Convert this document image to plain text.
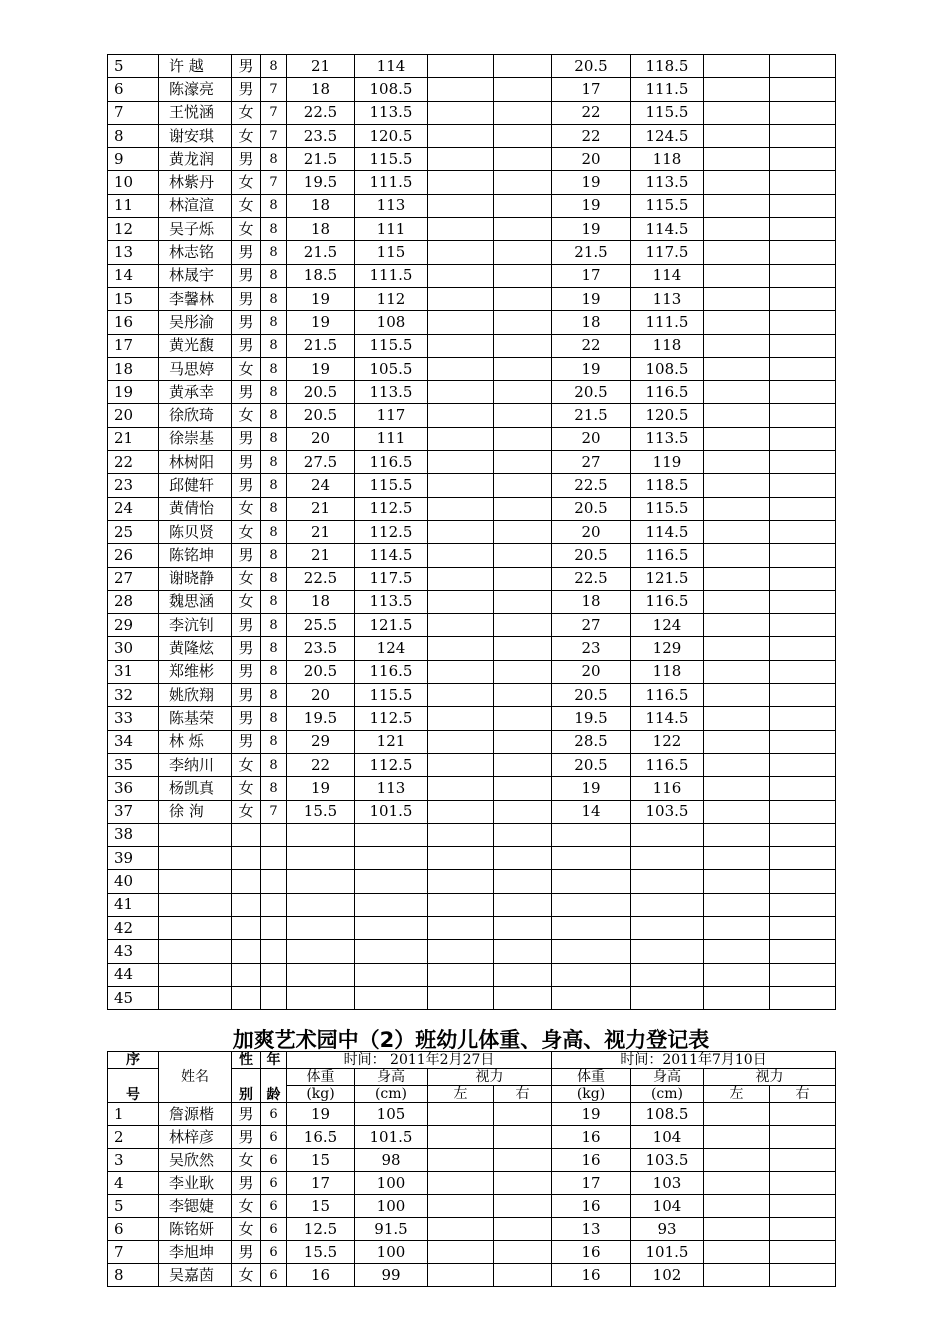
5	许 越	男	8	21	114			20.5	118.5		
6	陈濠亮	男	7	18	108.5			17	111.5		
7	王悦涵	女	7	22.5	113.5			22	115.5		
8	谢安琪	女	7	23.5	120.5			22	124.5		
9	黄龙润	男	8	21.5	115.5			20	118		
10	林紫丹	女	7	19.5	111.5			19	113.5		
11	林渲渲	女	8	18	113			19	115.5		
12	吴子烁	女	8	18	111			19	114.5		
13	林志铭	男	8	21.5	115			21.5	117.5		
14	林晟宇	男	8	18.5	111.5			17	114		
15	李馨林	男	8	19	112			19	113		
16	吴彤渝	男	8	19	108			18	111.5		
17	黄光馥	男	8	21.5	115.5			22	118		
18	马思婷	女	8	19	105.5			19	108.5		
19	黄承幸	男	8	20.5	113.5			20.5	116.5		
20	徐欣琦	女	8	20.5	117			21.5	120.5		
21	徐崇基	男	8	20	111			20	113.5		
22	林树阳	男	8	27.5	116.5			27	119		
23	邱健轩	男	8	24	115.5			22.5	118.5		
24	黄倩怡	女	8	21	112.5			20.5	115.5		
25	陈贝贤	女	8	21	112.5			20	114.5		
26	陈铭坤	男	8	21	114.5			20.5	116.5		
27	谢晓静	女	8	22.5	117.5			22.5	121.5		
28	魏思涵	女	8	18	113.5			18	116.5		
29	李沆钊	男	8	25.5	121.5			27	124		
30	黄隆炫	男	8	23.5	124			23	129		
31	郑维彬	男	8	20.5	116.5			20	118		
32	姚欣翔	男	8	20	115.5			20.5	116.5		
33	陈基荣	男	8	19.5	112.5			19.5	114.5		
34	林 烁	男	8	29	121			28.5	122		
35	李纳川	女	8	22	112.5			20.5	116.5		
36	杨凯真	女	8	19	113			19	116		
37	徐 洵	女	7	15.5	101.5			14	103.5		
38											
39											
40											
41											
42											
43											
44											
45											
加爽艺术园中（2）班幼儿体重、身高、视力登记表
序	姓名	性	年	时间： 2011年2月27日				时间：2011年7月10日			
号		别	龄	体重	身高	视力		体重	身高	视力	
				(kg)	(cm)	左	右	(kg)	(cm)	左	右
1	詹源楷	男	6	19	105			19	108.5		
2	林梓彦	男	6	16.5	101.5			16	104		
3	吴欣然	女	6	15	98			16	103.5		
4	李业耿	男	6	17	100			17	103		
5	李锶婕	女	6	15	100			16	104		
6	陈铭妍	女	6	12.5	91.5			13	93		
7	李旭坤	男	6	15.5	100			16	101.5		
8	吴嘉茵	女	6	16	99			16	102		
